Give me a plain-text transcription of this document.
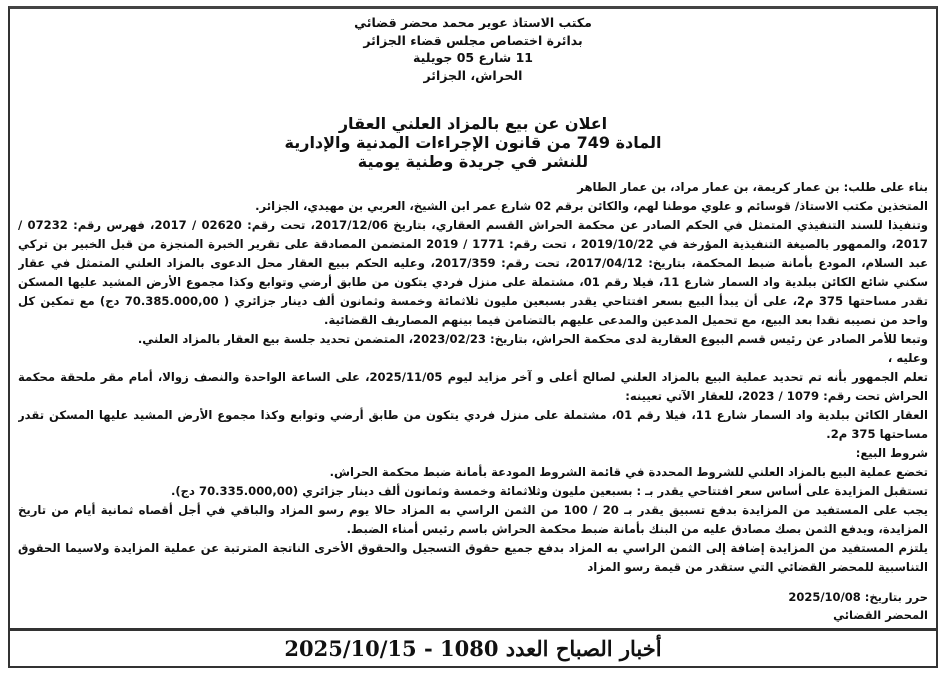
مكتب الاستاذ عوير محمد محضر قضائي
بدائرة اختصاص مجلس قضاء الجزائر
11 شارع 05 جويلية
الحراش، الجزائر
اعلان عن بيع بالمزاد العلني العقار
المادة 749 من قانون الإجراءات المدنية والإدارية
للنشر في جريدة وطنية يومية
بناء على طلب: بن عمار كريمة، بن عمار مراد، بن عمار الطاهر
المتخذين مكتب الاستاذ/ قوسائم و علوي موطنا لهم، والكائن برقم 02 شارع عمر ابن الشيخ، العربي بن مهيدي، الجزائر.
وتنفيذا للسند التنفيذي المتمثل في الحكم الصادر عن محكمة الحراش القسم العقاري، بتاريخ 2017/12/06، تحت رقم: 02620 / 2017، فهرس رقم: 07232 /
2017، والممهور بالصيغة التنفيذية المؤرخة في 2019/10/22 ، تحت رقم: 1771 / 2019 المتضمن المصادقة على تقرير الخبرة المنجزة من قبل الخبير بن تركي
عبد السلام، المودع بأمانة ضبط المحكمة، بتاريخ: 2017/04/12، تحت رقم: 2017/359، وعليه الحكم ببيع العقار محل الدعوى بالمزاد العلني المتمثل في عقار
سكني شائع الكائن ببلدية واد السمار شارع 11، فيلا رقم 01، مشتملة على منزل فردي يتكون من طابق أرضي وتوابع وكذا مجموع الأرض المشيد عليها المسكن
تقدر مساحتها 375 م2، على أن يبدأ البيع بسعر افتتاحي يقدر بسبعين مليون ثلاثمائة وخمسة وثمانون ألف دينار جزائري ( 70.385.000,00 دج) مع تمكين كل
واحد من نصيبه نقدا بعد البيع، مع تحميل المدعين والمدعى عليهم بالتضامن فيما بينهم المصاريف القضائية.
وتبعا للأمر الصادر عن رئيس قسم البيوع العقارية لدى محكمة الحراش، بتاريخ: 2023/02/23، المتضمن تحديد جلسة بيع العقار بالمزاد العلني.
وعليه ،
تعلم الجمهور بأنه تم تحديد عملية البيع بالمزاد العلني لصالح أعلى و آخر مزايد ليوم 2025/11/05، على الساعة الواحدة والنصف زوالا، أمام مقر ملحقة محكمة
الحراش تحت رقم: 1079 / 2023، للعقار الآتي تعيينه:
العقار الكائن ببلدية واد السمار شارع 11، فيلا رقم 01، مشتملة على منزل فردي يتكون من طابق أرضي وتوابع وكذا مجموع الأرض المشيد عليها المسكن تقدر
مساحتها 375 م2.
شروط البيع:
تخضع عملية البيع بالمزاد العلني للشروط المحددة في قائمة الشروط المودعة بأمانة ضبط محكمة الحراش.
تستقبل المزايدة على أساس سعر افتتاحي يقدر بـ : بسبعين مليون وثلاثمائة وخمسة وثمانون ألف دينار جزائري (70.335.000,00 دج).
يجب على المستفيد من المزايدة بدفع تسبيق يقدر بـ 20 / 100 من الثمن الراسي به المزاد حالا يوم رسو المزاد والباقي في أجل أقصاه ثمانية أيام من تاريخ
المزايدة، ويدفع الثمن بصك مصادق عليه من البنك بأمانة ضبط محكمة الحراش باسم رئيس أمناء الضبط.
يلتزم المستفيد من المزايدة إضافة إلى الثمن الراسي به المزاد بدفع جميع حقوق التسجيل والحقوق الأخرى الناتجة المترتبة عن عملية المزايدة ولاسيما الحقوق
التناسبية للمحضر القضائي التي ستقدر من قيمة رسو المزاد
حرر بتاريخ: 2025/10/08
المحضر القضائي
أخبار الصباح العدد 1080 - 2025/10/15
